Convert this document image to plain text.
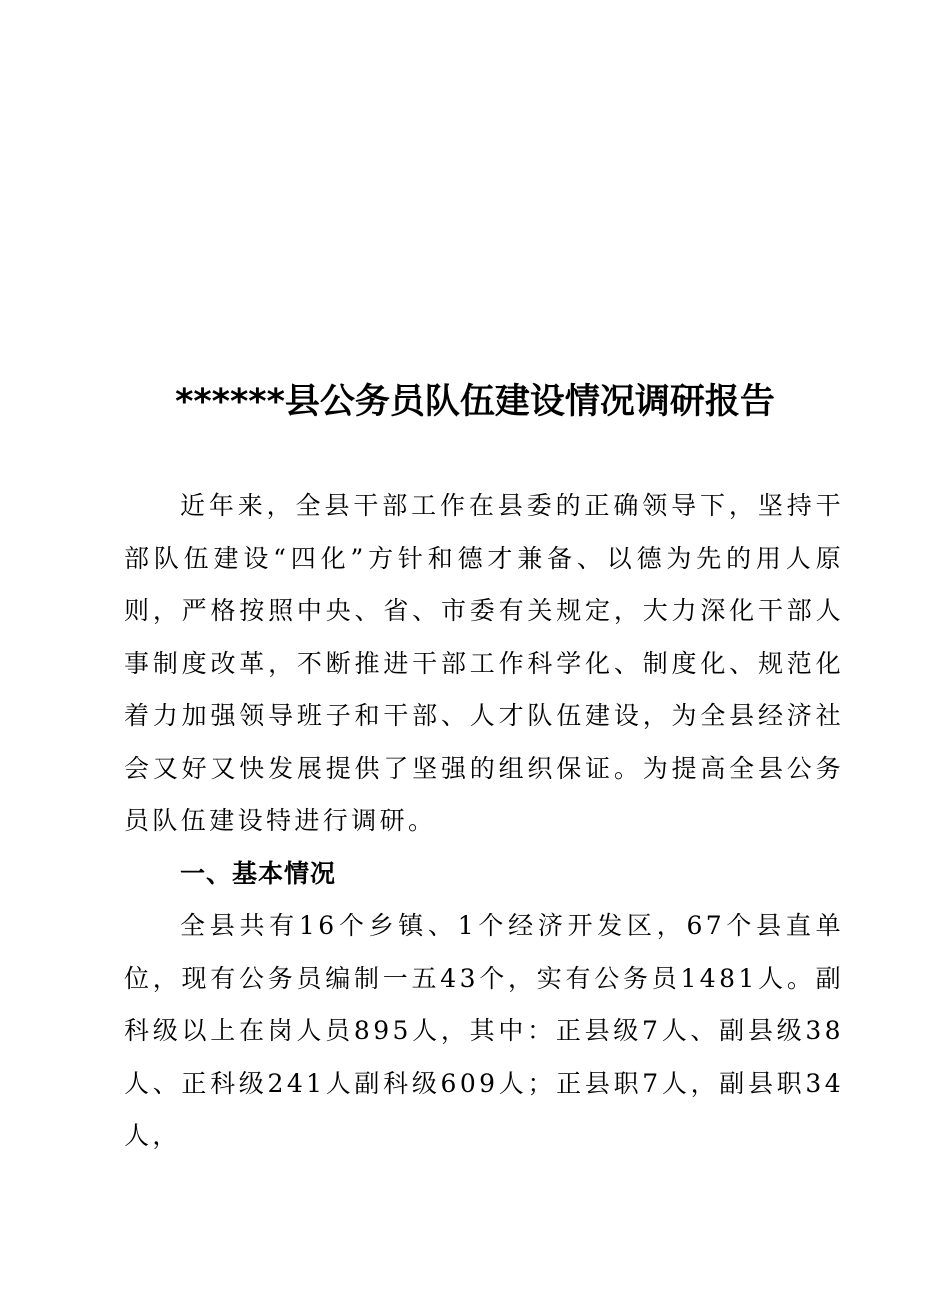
******县公务员队伍建设情况调研报告

近年来，全县干部工作在县委的正确领导下，坚持干部队伍建设“四化”方针和德才兼备、以德为先的用人原则，严格按照中央、省、市委有关规定，大力深化干部人事制度改革，不断推进干部工作科学化、制度化、规范化着力加强领导班子和干部、人才队伍建设，为全县经济社会又好又快发展提供了坚强的组织保证。为提高全县公务员队伍建设特进行调研。

一、基本情况

全县共有16个乡镇、1个经济开发区，67个县直单位，现有公务员编制一五43个，实有公务员1481人。副科级以上在岗人员895人，其中：正县级7人、副县级38人、正科级241人副科级609人；正县职7人，副县职34人，
